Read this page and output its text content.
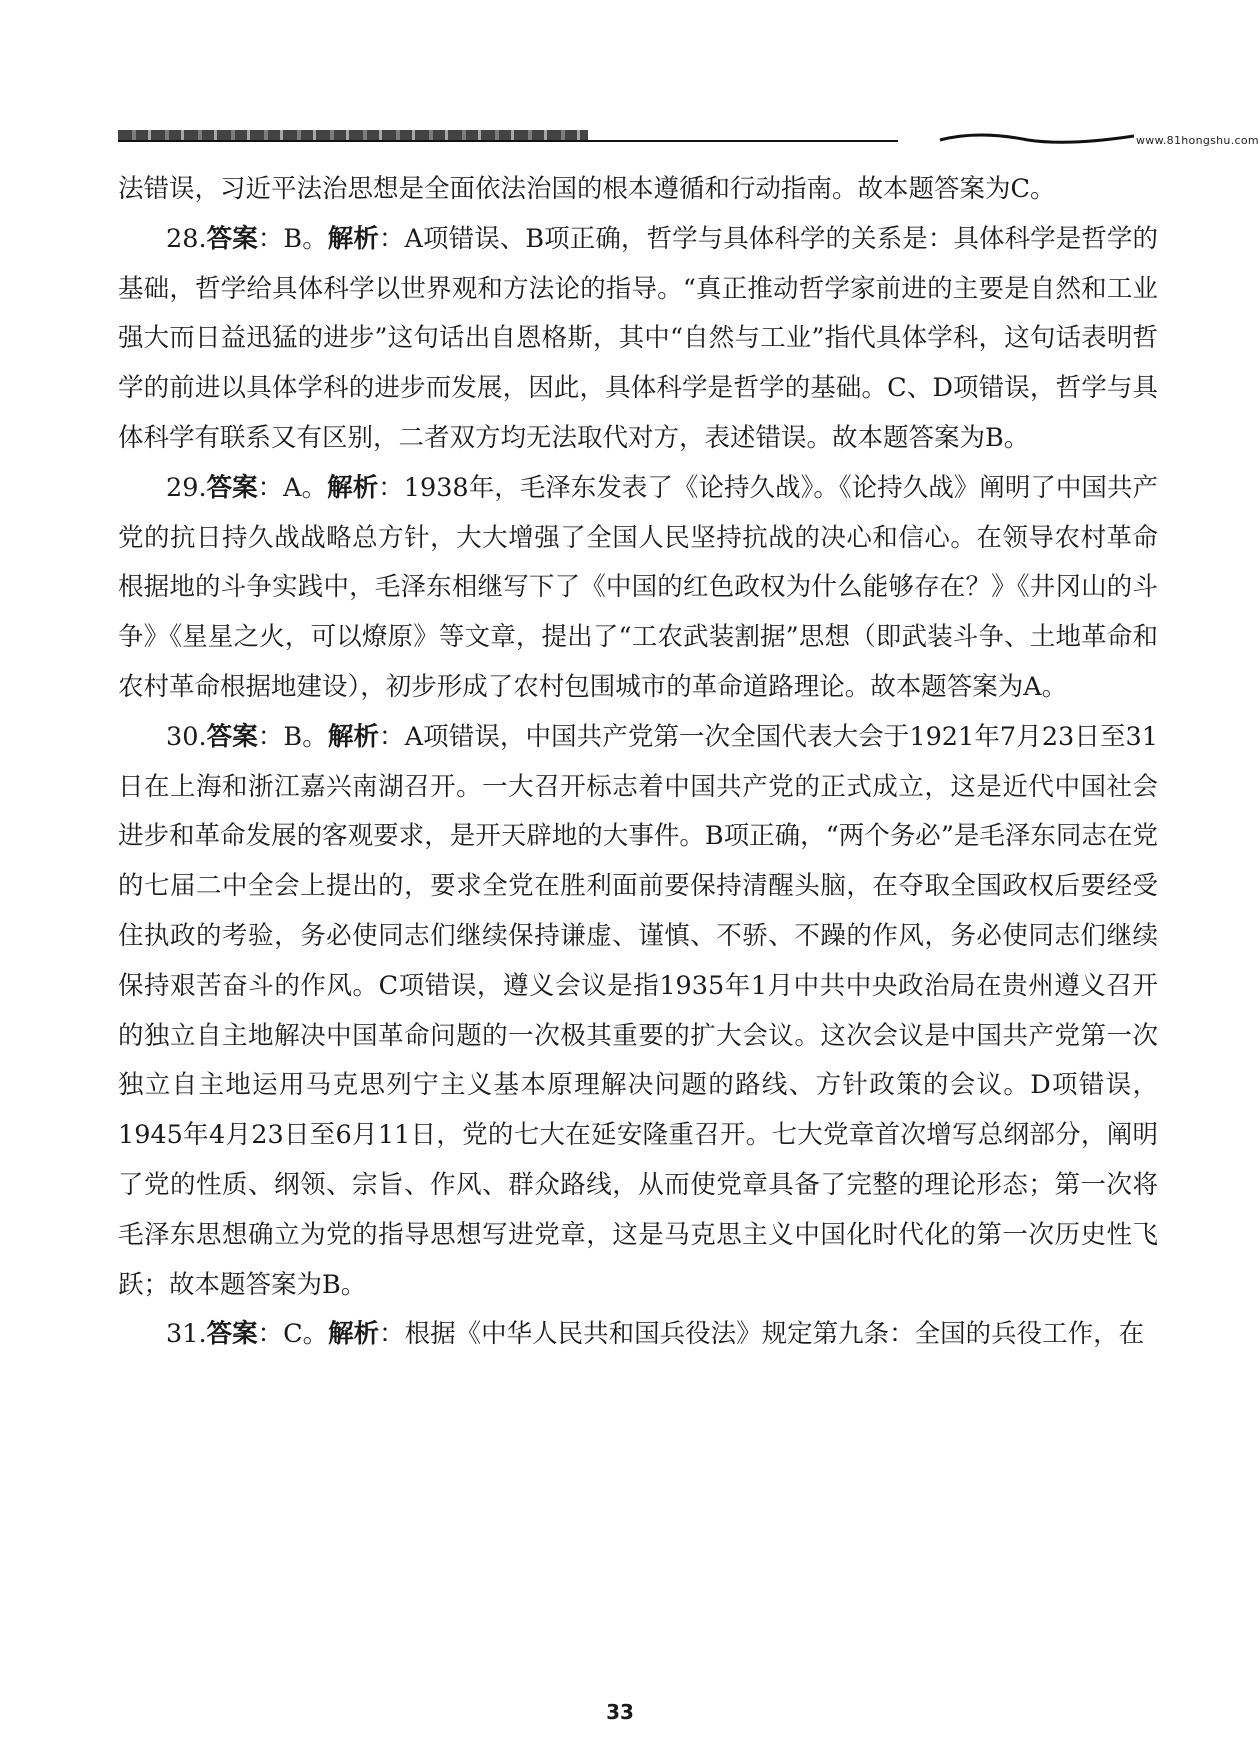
www.81hongshu.com

法错误，习近平法治思想是全面依法治国的根本遵循和行动指南。故本题答案为C。

28.答案：B。解析：A项错误、B项正确，哲学与具体科学的关系是：具体科学是哲学的基础，哲学给具体科学以世界观和方法论的指导。“真正推动哲学家前进的主要是自然和工业强大而日益迅猛的进步”这句话出自恩格斯，其中“自然与工业”指代具体学科，这句话表明哲学的前进以具体学科的进步而发展，因此，具体科学是哲学的基础。C、D项错误，哲学与具体科学有联系又有区别，二者双方均无法取代对方，表述错误。故本题答案为B。

29.答案：A。解析：1938年，毛泽东发表了《论持久战》。《论持久战》阐明了中国共产党的抗日持久战战略总方针，大大增强了全国人民坚持抗战的决心和信心。在领导农村革命根据地的斗争实践中，毛泽东相继写下了《中国的红色政权为什么能够存在？》《井冈山的斗争》《星星之火，可以燎原》等文章，提出了“工农武装割据”思想（即武装斗争、土地革命和农村革命根据地建设），初步形成了农村包围城市的革命道路理论。故本题答案为A。

30.答案：B。解析：A项错误，中国共产党第一次全国代表大会于1921年7月23日至31日在上海和浙江嘉兴南湖召开。一大召开标志着中国共产党的正式成立，这是近代中国社会进步和革命发展的客观要求，是开天辟地的大事件。B项正确，“两个务必”是毛泽东同志在党的七届二中全会上提出的，要求全党在胜利面前要保持清醒头脑，在夺取全国政权后要经受住执政的考验，务必使同志们继续保持谦虚、谨慎、不骄、不躁的作风，务必使同志们继续保持艰苦奋斗的作风。C项错误，遵义会议是指1935年1月中共中央政治局在贵州遵义召开的独立自主地解决中国革命问题的一次极其重要的扩大会议。这次会议是中国共产党第一次独立自主地运用马克思列宁主义基本原理解决问题的路线、方针政策的会议。D项错误，1945年4月23日至6月11日，党的七大在延安隆重召开。七大党章首次增写总纲部分，阐明了党的性质、纲领、宗旨、作风、群众路线，从而使党章具备了完整的理论形态；第一次将毛泽东思想确立为党的指导思想写进党章，这是马克思主义中国化时代化的第一次历史性飞跃；故本题答案为B。

31.答案：C。解析：根据《中华人民共和国兵役法》规定第九条：全国的兵役工作，在

33
